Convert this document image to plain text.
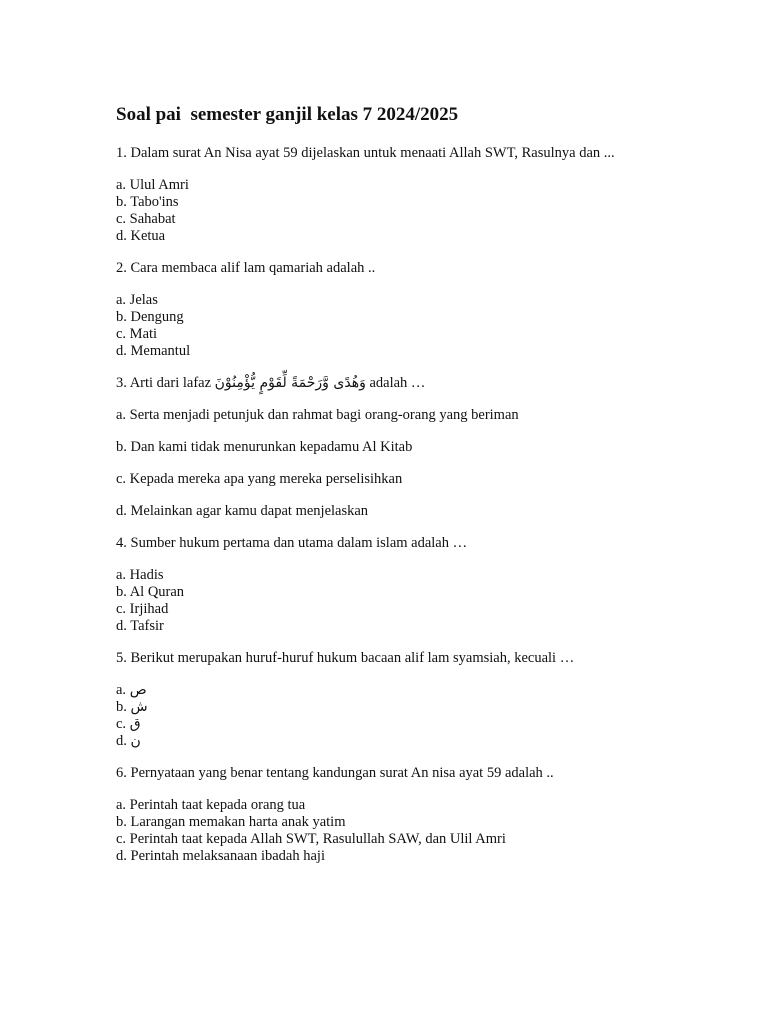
Soal pai  semester ganjil kelas 7 2024/2025
1. Dalam surat An Nisa ayat 59 dijelaskan untuk menaati Allah SWT, Rasulnya dan ...
a. Ulul Amri
b. Tabo'ins
c. Sahabat
d. Ketua
2. Cara membaca alif lam qamariah adalah ..
a. Jelas
b. Dengung
c. Mati
d. Memantul
3. Arti dari lafaz وَهُدًى وَّرَحْمَةً لِّقَوْمٍ يُّؤْمِنُوْنَ adalah …
a. Serta menjadi petunjuk dan rahmat bagi orang-orang yang beriman
b. Dan kami tidak menurunkan kepadamu Al Kitab
c. Kepada mereka apa yang mereka perselisihkan
d. Melainkan agar kamu dapat menjelaskan
4. Sumber hukum pertama dan utama dalam islam adalah …
a. Hadis
b. Al Quran
c. Irjihad
d. Tafsir
5. Berikut merupakan huruf-huruf hukum bacaan alif lam syamsiah, kecuali …
a. ص
b. ش
c. ق
d. ن
6. Pernyataan yang benar tentang kandungan surat An nisa ayat 59 adalah ..
a. Perintah taat kepada orang tua
b. Larangan memakan harta anak yatim
c. Perintah taat kepada Allah SWT, Rasulullah SAW, dan Ulil Amri
d. Perintah melaksanaan ibadah haji
